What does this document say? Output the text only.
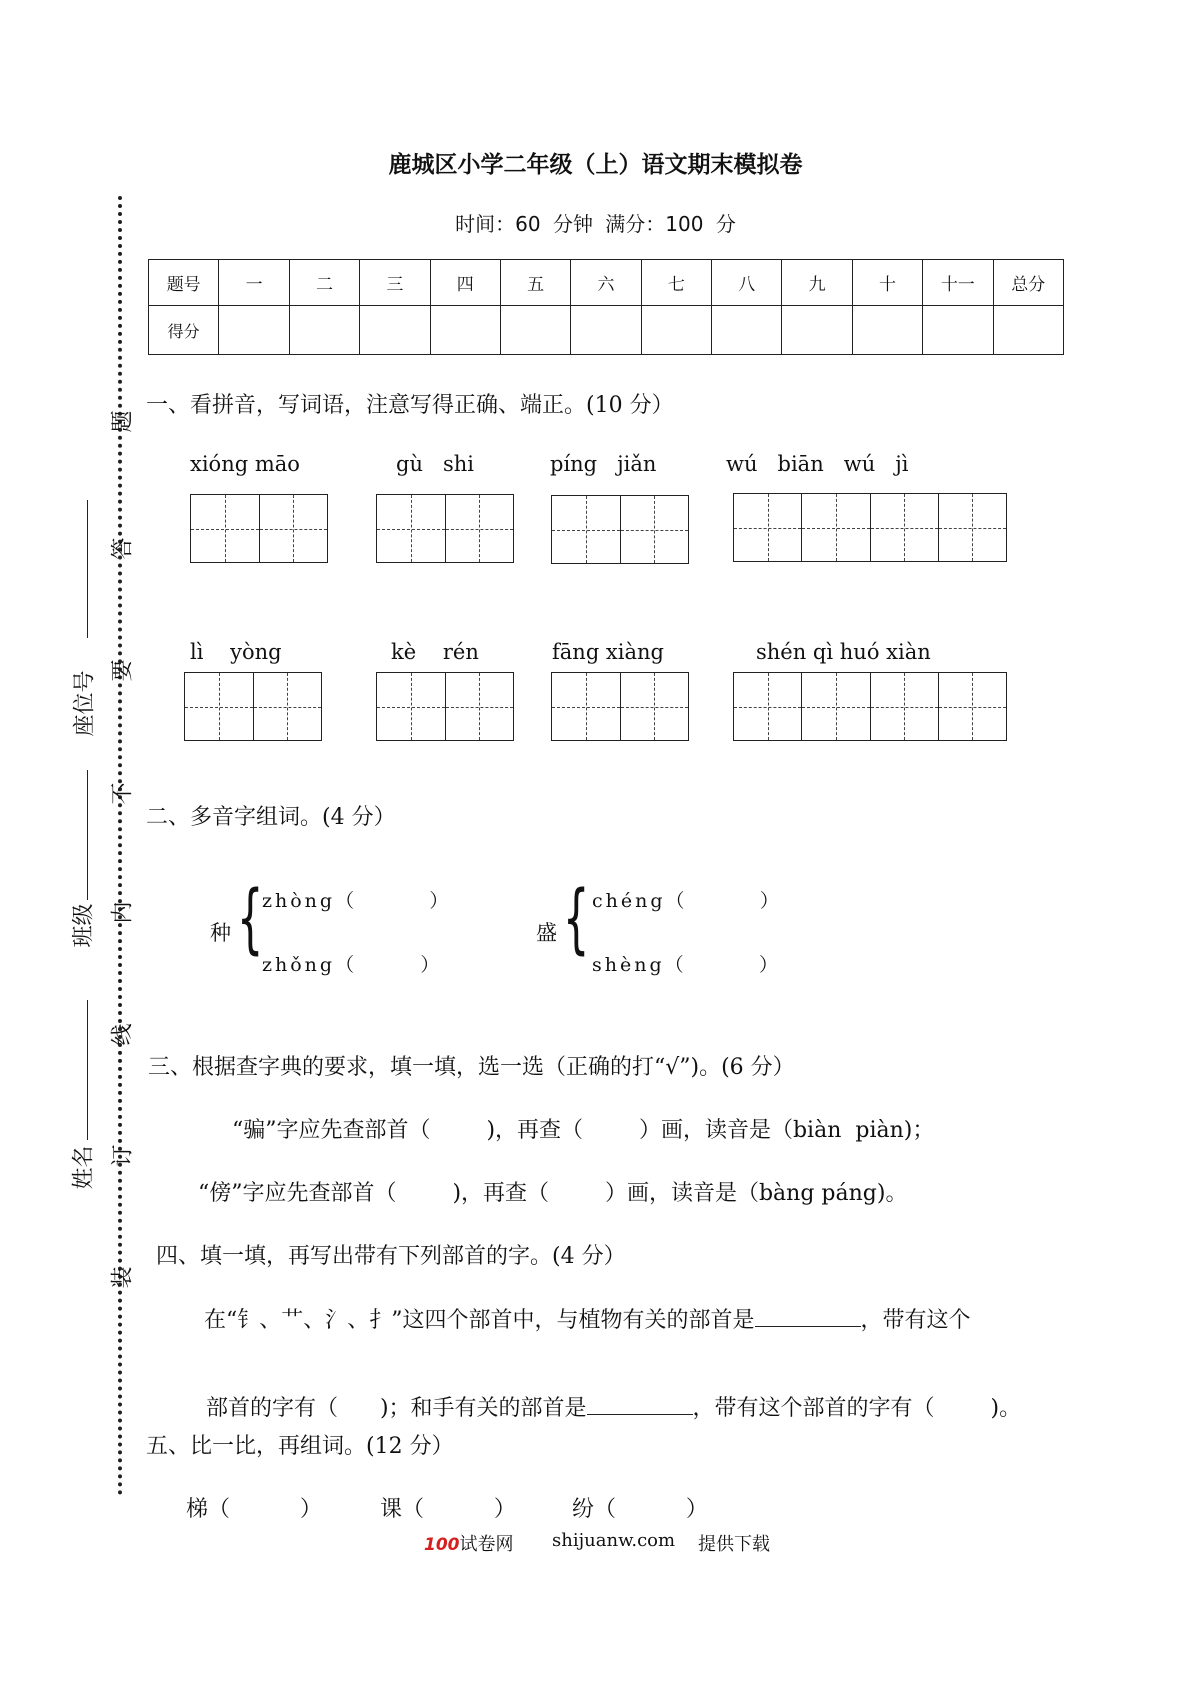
题
答
要
不
内
线
订
装
姓名
班级
座位号
鹿城区小学二年级（上）语文期末模拟卷
时间：60 分钟 满分：100 分
题号	一	二	三	四	五	六	七	八	九	十	十一	总分
得分												
一、看拼音，写词语，注意写得正确、端正。(10 分）
xióng māo	gù   shi	píng   jiǎn	wú   biān   wú   jì
lì    yòng	kè    rén	fāng xiàng	shén qì huó xiàn
二、多音字组词。(4 分）
种 {
zhòng（        ）
zhǒng（       ）
盛 { chéng（        ）
shèng（        ）
三、根据查字典的要求，填一填，选一选（正确的打“√”)。(6 分）
“骗”字应先查部首（        )，再查（        ）画，读音是（biàn  piàn)；
“傍”字应先查部首（        )，再查（        ）画，读音是（bàng páng)。
四、填一填，再写出带有下列部首的字。(4 分）
在“钅、艹、氵、扌”这四个部首中，与植物有关的部首是	，带有这个

部首的字有（      )；和手有关的部首是	，带有这个部首的字有（        )。

五、比一比，再组词。(12 分）
梯（          ）	课（          ）	纷（          ）
100试卷网 shijuanw.com 提供下载
